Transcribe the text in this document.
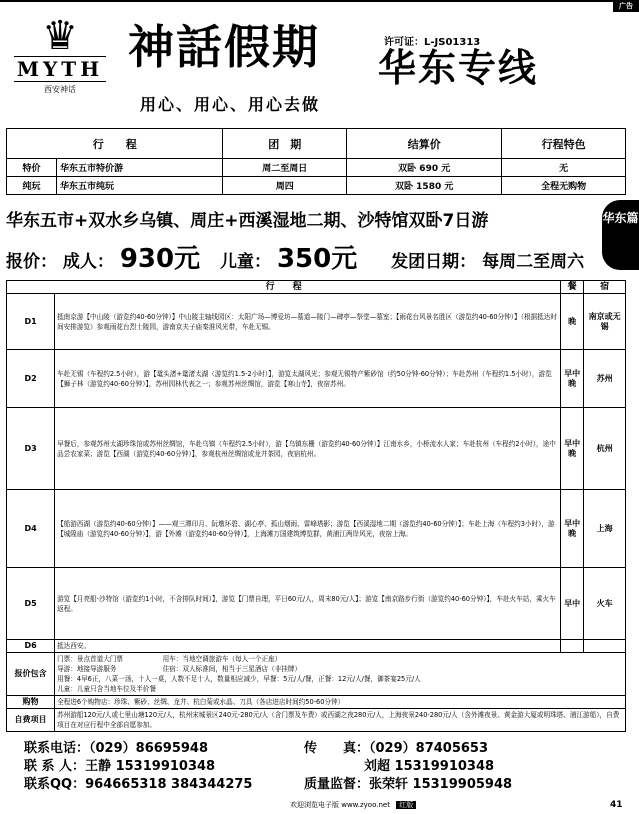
广告
♛
MYTH
西安神话
神話假期	许可证：L-JS01313
华东专线
用心、用心、用心去做
行　　程		团　期	结算价	行程特色
特价	华东五市特价游	周二至周日	双卧 690 元	无
纯玩	华东五市纯玩	周四	双卧 1580 元	全程无购物
华东五市+双水乡乌镇、周庄+西溪湿地二期、沙特馆双卧7日游
报价： 成人： 930元 儿童： 350元 发团日期： 每周二至周六
华东篇
行　　程		餐	宿
D1	抵南京游【中山陵（游览约40-60分钟）】中山陵主轴线园区：太阳广场—博爱坊—墓道—陵门—碑亭—祭堂—墓室；【雨花台风景名胜区（游览约40-60分钟）】（根据抵达时间安排游览）参观雨花台烈士陵园，游南京夫子庙秦淮风光带，车赴无锡。	晚	南京或无锡
D2	车赴无锡（车程约2.5小时），游【鼋头渚+鼋渚太湖（游览约1.5-2小时）】，游览太湖风光；参观无锡特产紫砂馆（约50分钟-60分钟）；车赴苏州（车程约1.5小时），游览【狮子林（游览约40-60分钟）】，苏州园林代表之一；参观苏州丝绸馆，游览【寒山寺】，夜宿苏州。	早中晚	苏州
D3	早餐后，参观苏州太湖珍珠馆或苏州丝绸馆，车赴乌镇（车程约2.5小时），游【乌镇东栅（游览约40-60分钟）】江南水乡，小桥流水人家；车赴杭州（车程约2小时），途中品尝农家菜；游览【西湖（游览约40-60分钟）】，参观杭州丝绸馆或龙井茶园，夜宿杭州。	早中晚	杭州
D4	【船游西湖（游览约40-60分钟）】——观三潭印月、阮墩环碧、湖心亭、孤山烟雨、雷峰塔影；游览【西溪湿地二期（游览约40-60分钟）】；车赴上海（车程约3小时），游【城隍庙（游览约40-60分钟）】，游【外滩（游览约40-60分钟）】，上海滩万国建筑博览群，黄浦江两岸风光，夜宿上海。	早中晚	上海
D5	游览【月亮船-沙特馆（游览约1小时，不含排队时间）】，游览【门票自理，平日60元/人，周末80元/人】；游览【南京路步行街（游览约40-60分钟）】，车赴火车站，乘火车返程。	早中	火车
D6	抵达西安。		
报价包含	门票：景点首道大门票　　　　　　用车：当地空调旅游车（每人一个正座）
导游：地接导游服务　　　　　　　住宿：双人标准间，相当于三星酒店（非挂牌）
用餐：4早6正，八菜一汤，十人一桌，人数不足十人，数量相应减少，早餐：5元/人/餐，正餐：12元/人/餐，御茶宴25元/人
儿童：儿童只含当地车位及半价餐		

购物	全程进6个购物店：珍珠、紫砂、丝绸、龙井、杭白菊或水晶、刀具（各店进店时间约50-60分钟）		
自费项目	苏州游船120元/人或七里山塘120元/人，杭州宋城景区240元-280元/人（含门票及车费）或西湖之夜280元/人，上海夜景240-280元/人（含外滩夜景、黄金游大厦或明珠塔、浦江游船），自费项目在对应行程中全部自愿参加。		
联系电话：（029）86695948	传　　真：（029）87405653
联 系 人：王静 15319910348	刘超 15319910348
联系QQ：964665318 384344275	质量监督：张荣轩 15319905948
欢迎浏览电子版 www.zyoo.net 红版	41
